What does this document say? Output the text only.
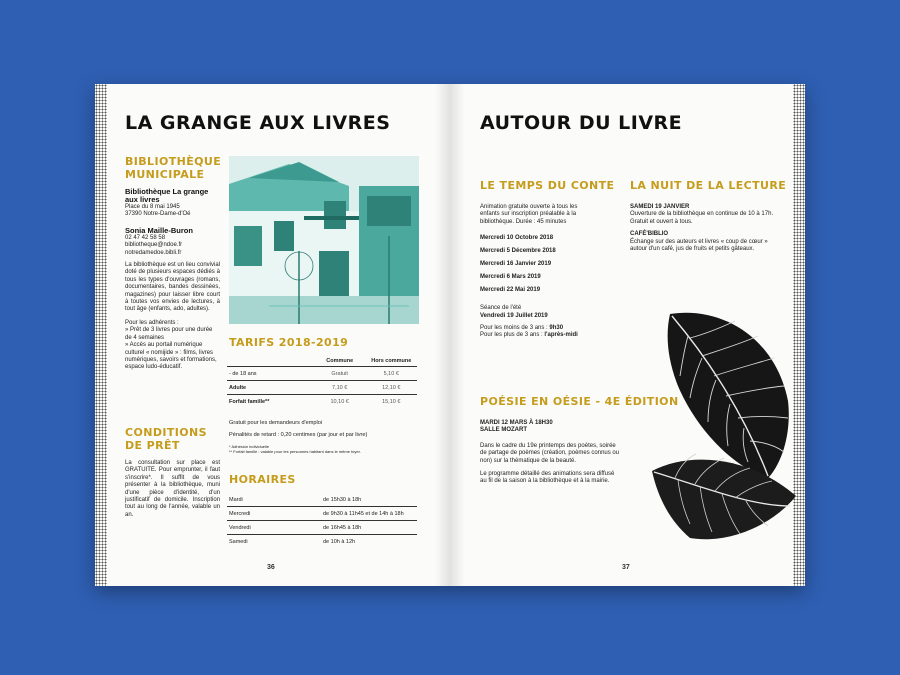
LA GRANGE AUX LIVRES
BIBLIOTHÈQUE
MUNICIPALE
Bibliothèque La grange
aux livres
Place du 8 mai 1945
37390 Notre-Dame-d'Oé
Sonia Maille-Buron
02 47 42 58 58
bibliotheque@ndoe.fr
notredamedoe.bibli.fr
La bibliothèque est un lieu convivial doté de plusieurs espaces dédiés à tous les types d'ouvrages (romans, documentaires, bandes dessinées, magazines) pour laisser libre court à toutes vos envies de lectures, à tout âge (enfants, ado, adultes).
Pour les adhérents :
» Prêt de 3 livres pour une durée de 4 semaines
» Accès au portail numérique culturel « nomijide » : films, livres numériques, savoirs et formations, espace ludo-éducatif.
CONDITIONS
DE PRÊT
La consultation sur place est GRATUITE. Pour emprunter, il faut s'inscrire*. Il suffit de vous présenter à la bibliothèque, muni d'une pièce d'identité, d'un justificatif de domicile. Inscription tout au long de l'année, valable un an.
TARIFS 2018-2019
	Commune	Hors commune
- de 18 ans	Gratuit	5,10 €
Adulte	7,10 €	12,10 €
Forfait famille**	10,10 €	15,10 €
Gratuit pour les demandeurs d'emploi
Pénalités de retard : 0,20 centimes (par jour et par livre)
* Adhésion individuelle
** Forfait famille : valable pour les personnes habitant dans le même foyer.
HORAIRES
Mardi	de 15h30 à 18h
Mercredi	de 9h30 à 11h45 et de 14h à 18h
Vendredi	de 16h45 à 18h
Samedi	de 10h à 12h
36
AUTOUR DU LIVRE
LE TEMPS DU CONTE
Animation gratuite ouverte à tous les enfants sur inscription préalable à la bibliothèque. Durée : 45 minutes
Mercredi 10 Octobre 2018
Mercredi 5 Décembre 2018
Mercredi 16 Janvier 2019
Mercredi 6 Mars 2019
Mercredi 22 Mai 2019
Séance de l'été
Vendredi 19 Juillet 2019
Pour les moins de 3 ans : 9h30
Pour les plus de 3 ans : l'après-midi
LA NUIT DE LA LECTURE
SAMEDI 19 JANVIER
Ouverture de la bibliothèque en continue de 10 à 17h. Gratuit et ouvert à tous.
CAFÉ'BIBLIO
Échange sur des auteurs et livres « coup de cœur » autour d'un café, jus de fruits et petits gâteaux.
POÉSIE EN OÉSIE - 4E ÉDITION
MARDI 12 MARS À 18H30
SALLE MOZART
Dans le cadre du 19e printemps des poètes, soirée de partage de poèmes (création, poèmes connus ou non) sur la thématique de la beauté.
Le programme détaillé des animations sera diffusé au fil de la saison à la bibliothèque et à la mairie.
37
